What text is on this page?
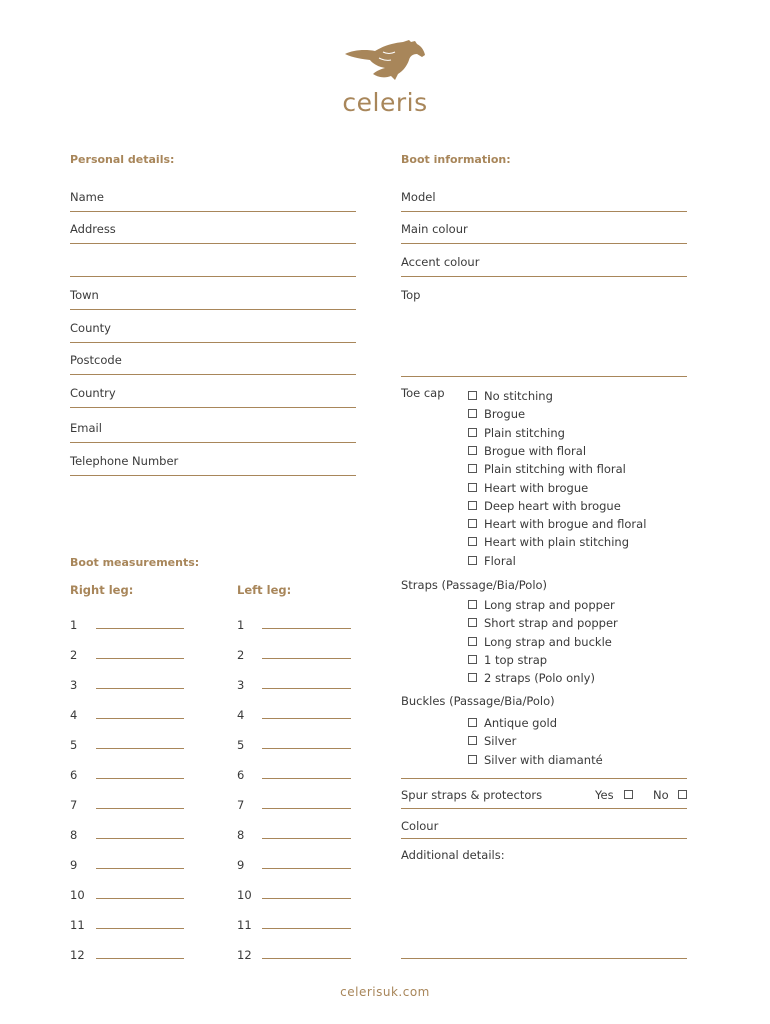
celeris
Personal details:
Name
Address
Town
County
Postcode
Country
Email
Telephone Number
Boot information:
Model
Main colour
Accent colour
Top
Boot measurements:
Right leg:	Left leg:
1	1
2	2
3	3
4	4
5	5
6	6
7	7
8	8
9	9
10	10
11	11
12	12
Toe cap	No stitching
Brogue
Plain stitching
Brogue with floral
Plain stitching with floral
Heart with brogue
Deep heart with brogue
Heart with brogue and floral
Heart with plain stitching
Floral
Straps (Passage/Bia/Polo)
Long strap and popper
Short strap and popper
Long strap and buckle
1 top strap
2 straps (Polo only)
Buckles (Passage/Bia/Polo)
Antique gold
Silver
Silver with diamanté
Spur straps & protectors	Yes	No
Colour
Additional details:
celerisuk.com
